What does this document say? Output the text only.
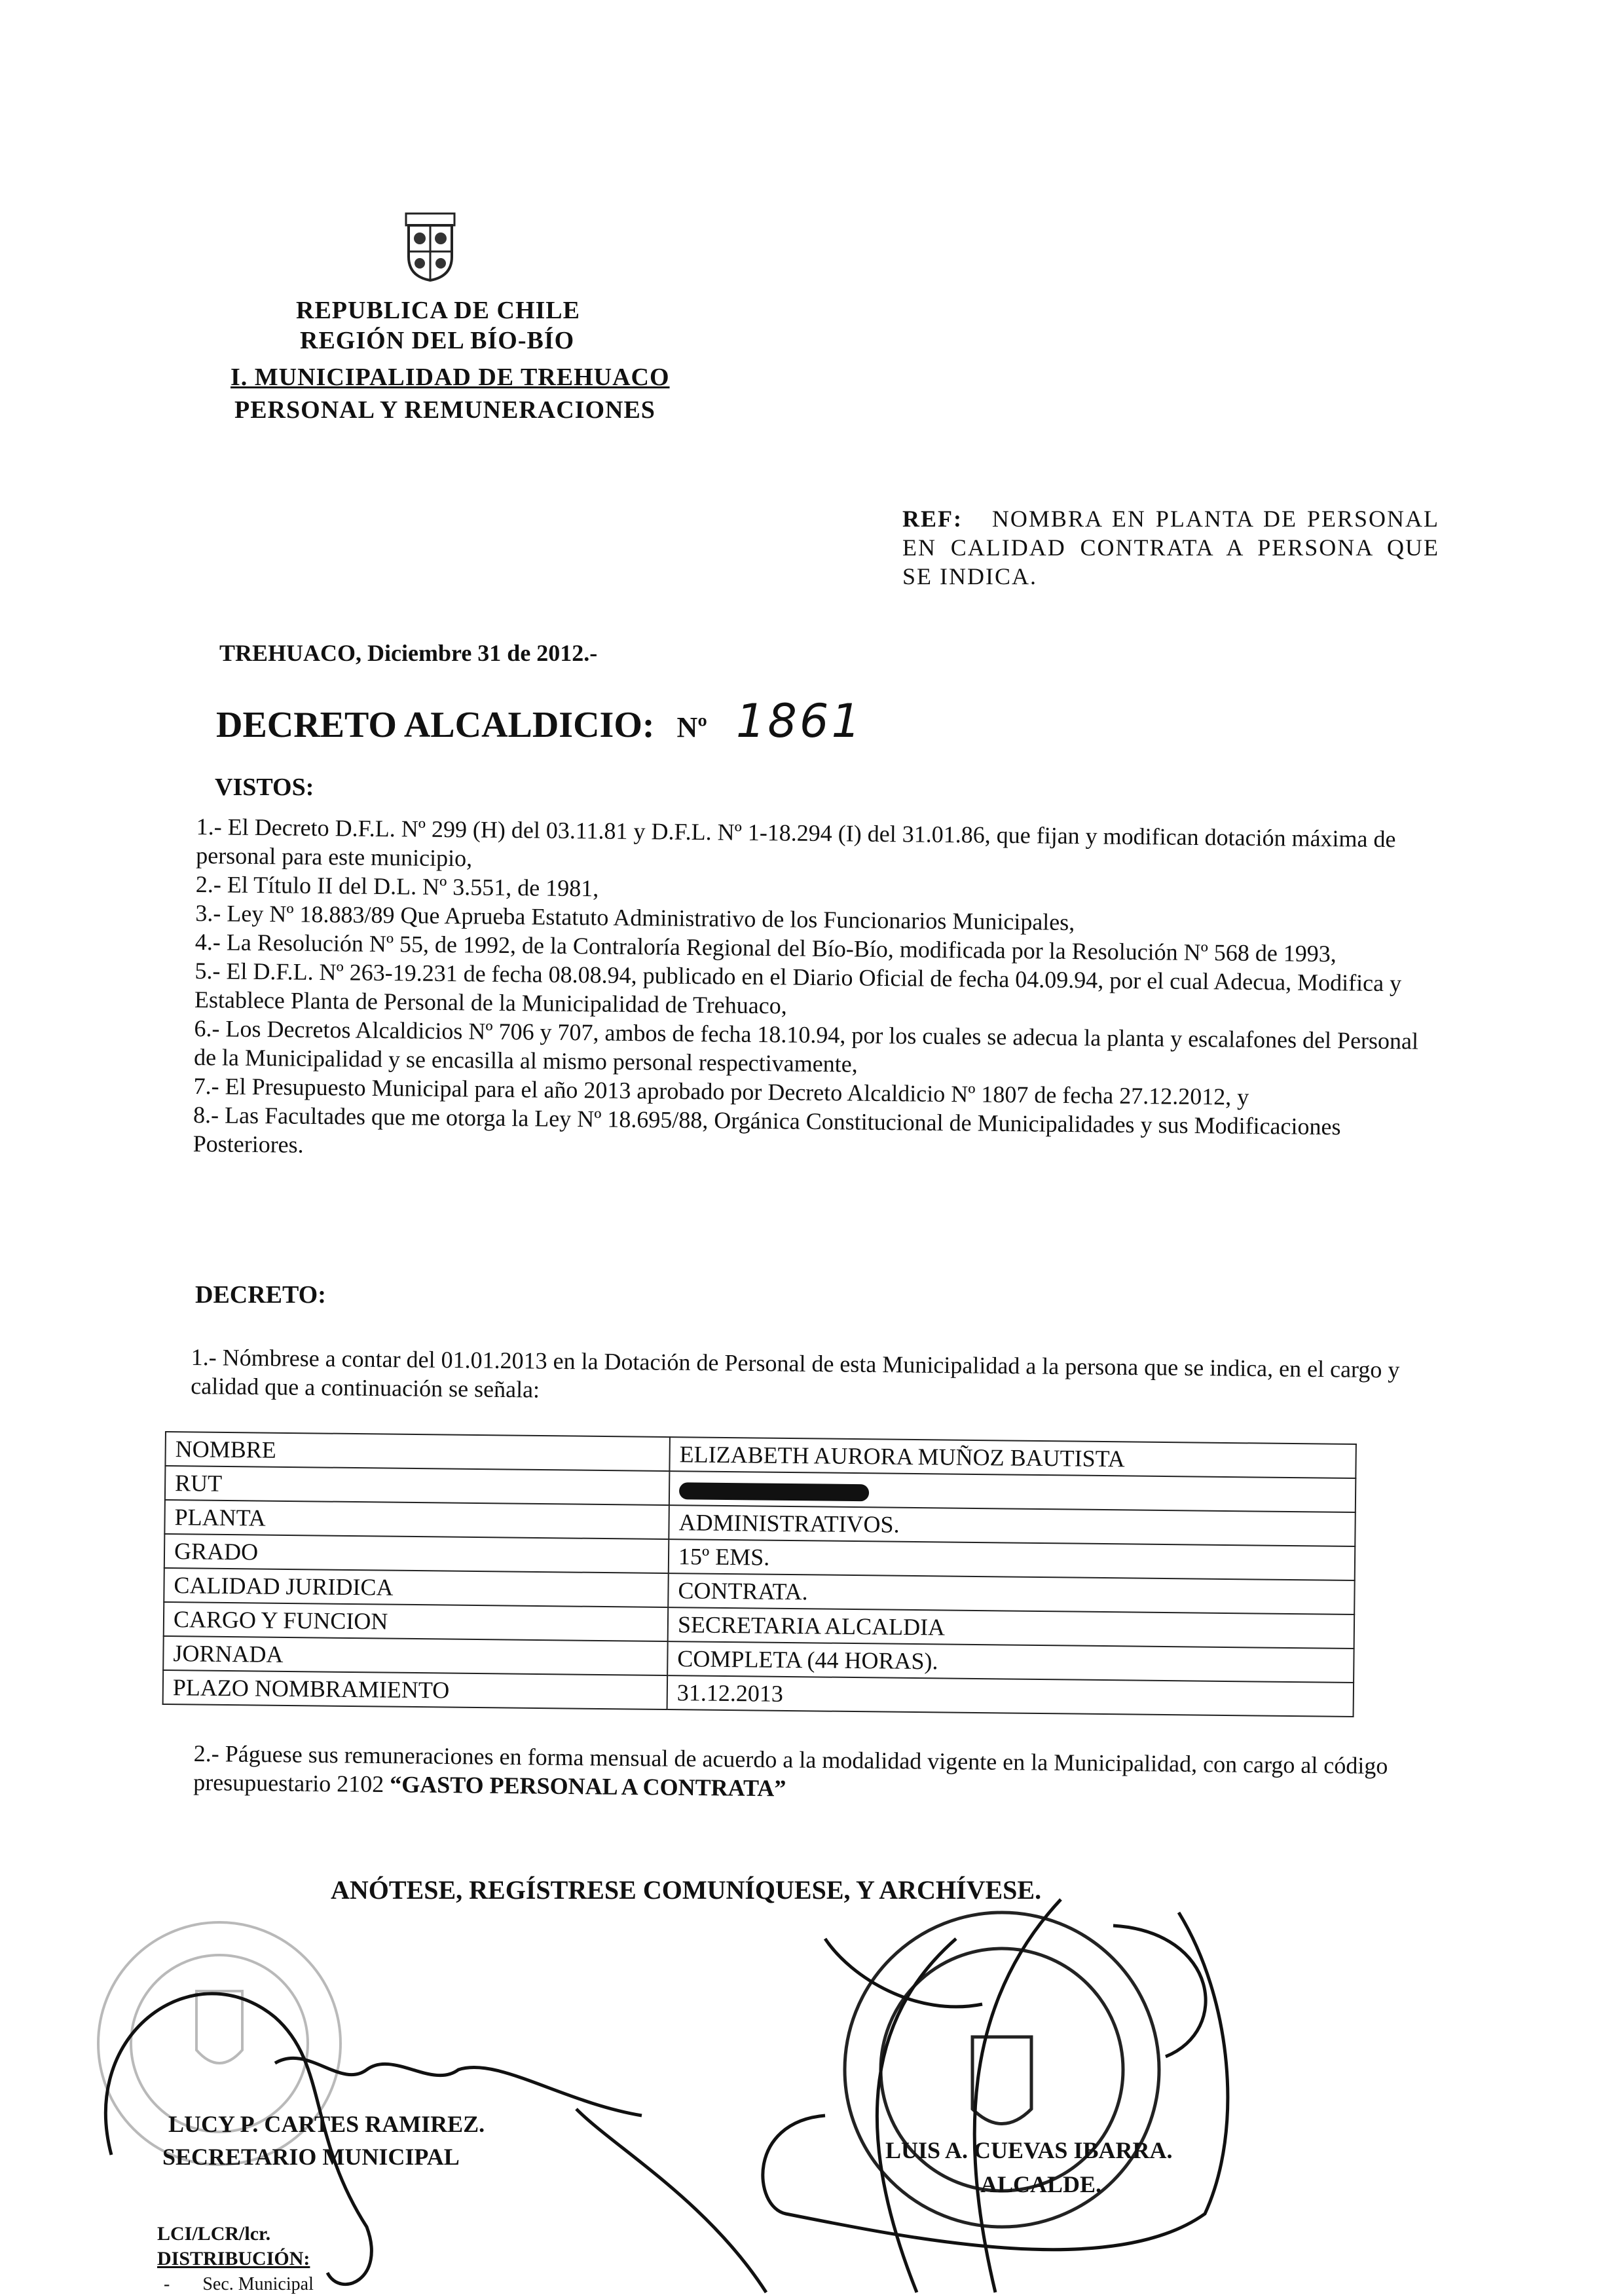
REPUBLICA DE CHILE
REGIÓN DEL BÍO-BÍO
I. MUNICIPALIDAD DE TREHUACO
PERSONAL Y REMUNERACIONES
REF: NOMBRA EN PLANTA DE PERSONAL EN CALIDAD CONTRATA A PERSONA QUE SE INDICA.
TREHUACO, Diciembre 31 de 2012.-
DECRETO ALCALDICIO: Nº 1861
VISTOS:

1.- El Decreto D.F.L. Nº 299 (H) del 03.11.81 y D.F.L. Nº 1-18.294 (I) del 31.01.86, que fijan y modifican dotación máxima de personal para este municipio,

2.- El Título II del D.L. Nº 3.551, de 1981,

3.- Ley Nº 18.883/89 Que Aprueba Estatuto Administrativo de los Funcionarios Municipales,

4.- La Resolución Nº 55, de 1992, de la Contraloría Regional del Bío-Bío, modificada por la Resolución Nº 568 de 1993,

5.- El D.F.L. Nº 263-19.231 de fecha 08.08.94, publicado en el Diario Oficial de fecha 04.09.94, por el cual Adecua, Modifica y Establece Planta de Personal de la Municipalidad de Trehuaco,

6.- Los Decretos Alcaldicios Nº 706 y 707, ambos de fecha 18.10.94, por los cuales se adecua la planta y escalafones del Personal de la Municipalidad y se encasilla al mismo personal respectivamente,

7.- El Presupuesto Municipal para el año 2013 aprobado por Decreto Alcaldicio Nº 1807 de fecha 27.12.2012, y

8.- Las Facultades que me otorga la Ley Nº 18.695/88, Orgánica Constitucional de Municipalidades y sus Modificaciones Posteriores.

DECRETO:
1.- Nómbrese a contar del 01.01.2013 en la Dotación de Personal de esta Municipalidad a la persona que se indica, en el cargo y calidad que a continuación se señala:
NOMBRE	ELIZABETH AURORA MUÑOZ BAUTISTA
RUT	
PLANTA	ADMINISTRATIVOS.
GRADO	15º EMS.
CALIDAD JURIDICA	CONTRATA.
CARGO Y FUNCION	SECRETARIA ALCALDIA
JORNADA	COMPLETA (44 HORAS).
PLAZO NOMBRAMIENTO	31.12.2013
2.- Páguese sus remuneraciones en forma mensual de acuerdo a la modalidad vigente en la Municipalidad, con cargo al código presupuestario 2102 “GASTO PERSONAL A CONTRATA”
ANÓTESE, REGÍSTRESE COMUNÍQUESE, Y ARCHÍVESE.
LUCY P. CARTES RAMIREZ.
SECRETARIO MUNICIPAL	LUIS A. CUEVAS IBARRA.
ALCALDE.
LCI/LCR/lcr.
DISTRIBUCIÓN:
- Sec. Municipal
